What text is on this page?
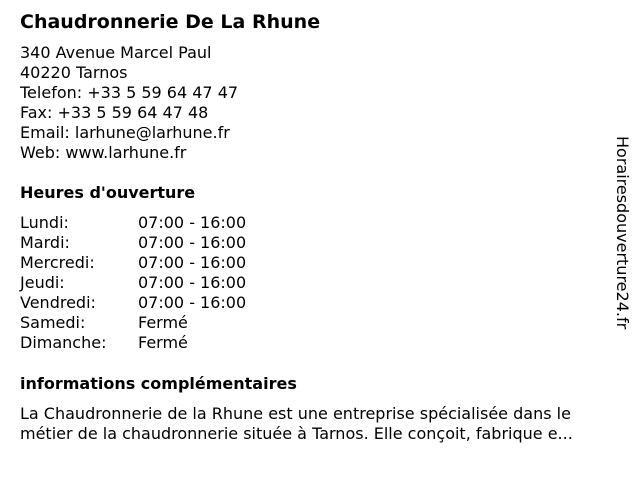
Chaudronnerie De La Rhune
340 Avenue Marcel Paul
40220 Tarnos
Telefon: +33 5 59 64 47 47
Fax: +33 5 59 64 47 48
Email: larhune@larhune.fr
Web: www.larhune.fr
Heures d'ouverture
Lundi:	07:00 - 16:00
Mardi:	07:00 - 16:00
Mercredi:	07:00 - 16:00
Jeudi:	07:00 - 16:00
Vendredi:	07:00 - 16:00
Samedi:	Fermé
Dimanche: Fermé
informations complémentaires
La Chaudronnerie de la Rhune est une entreprise spécialisée dans le
métier de la chaudronnerie située à Tarnos. Elle conçoit, fabrique e...
Horairesdouverture24.fr
